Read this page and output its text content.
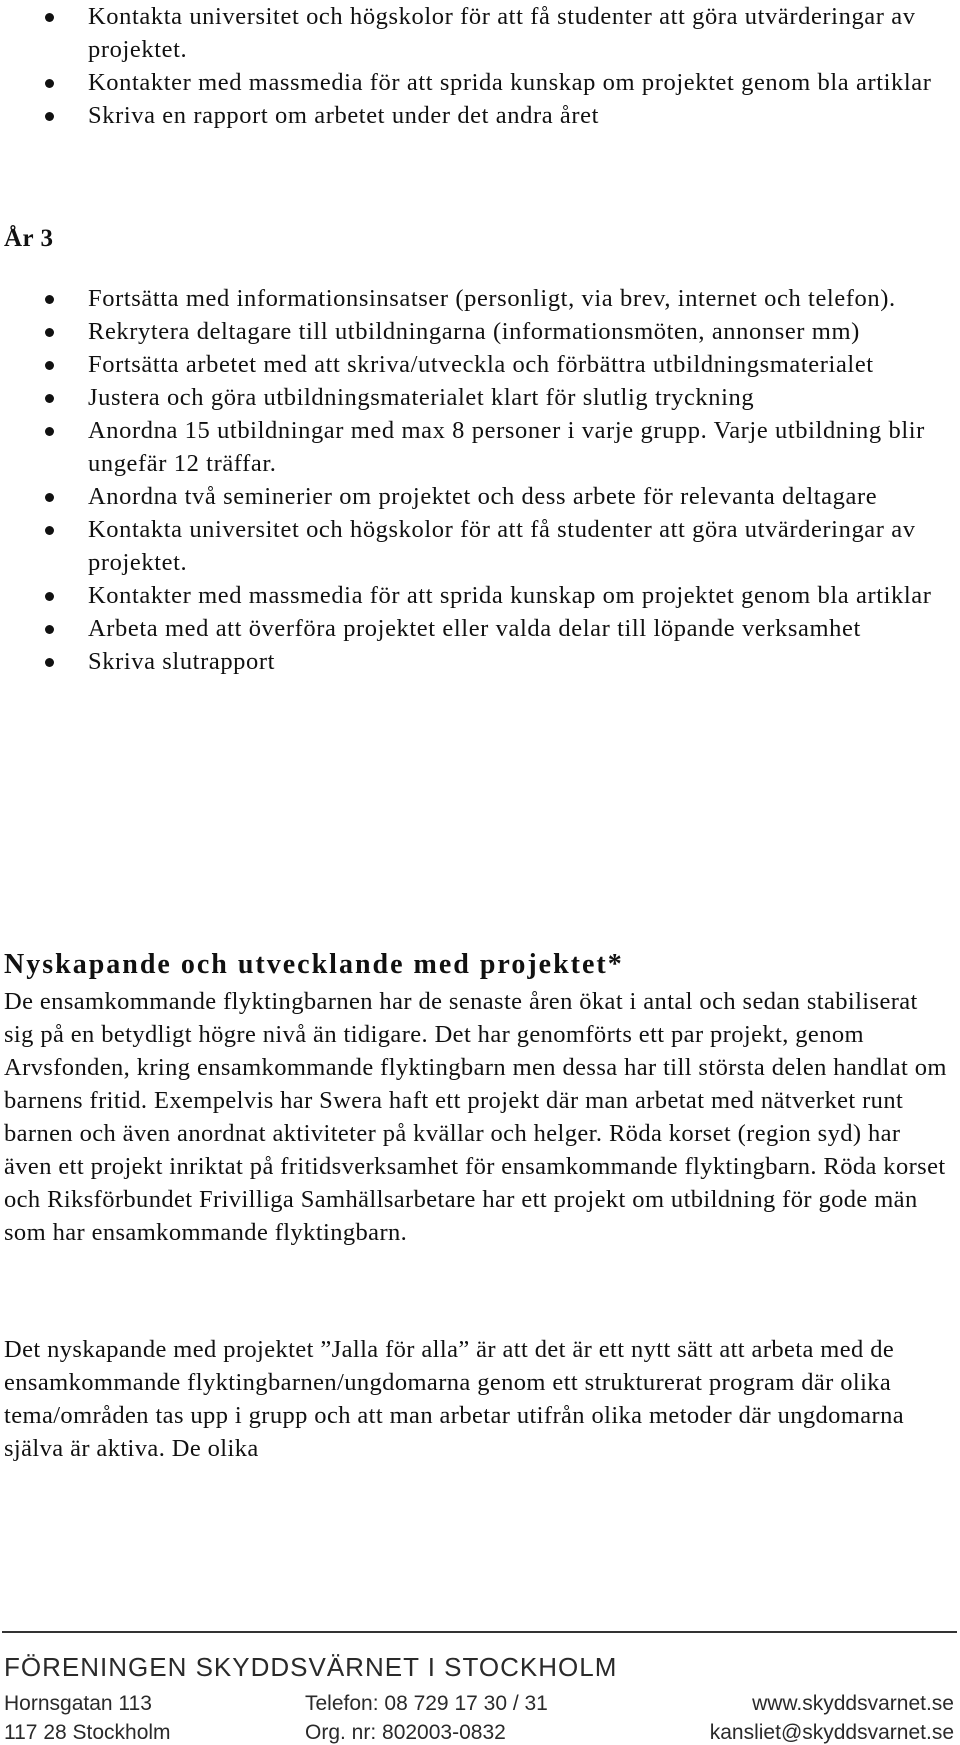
Kontakta universitet och högskolor för att få studenter att göra utvärderingar av projektet.
Kontakter med massmedia för att sprida kunskap om projektet genom bla artiklar
Skriva en rapport om arbetet under det andra året
År 3
Fortsätta med informationsinsatser (personligt, via brev, internet och telefon).
Rekrytera deltagare till utbildningarna (informationsmöten, annonser mm)
Fortsätta arbetet med att skriva/utveckla och förbättra utbildningsmaterialet
Justera och göra utbildningsmaterialet klart för slutlig tryckning
Anordna 15 utbildningar med max 8 personer i varje grupp. Varje utbildning blir ungefär 12 träffar.
Anordna två seminerier om projektet och dess arbete för relevanta deltagare
Kontakta universitet och högskolor för att få studenter att göra utvärderingar av projektet.
Kontakter med massmedia för att sprida kunskap om projektet genom bla artiklar
Arbeta med att överföra projektet eller valda delar till löpande verksamhet
Skriva slutrapport
Nyskapande och utvecklande med projektet*

De ensamkommande flyktingbarnen har de senaste åren ökat i antal och sedan stabiliserat sig på en betydligt högre nivå än tidigare. Det har genomförts ett par projekt, genom Arvsfonden, kring ensamkommande flyktingbarn men dessa har till största delen handlat om barnens fritid. Exempelvis har Swera haft ett projekt där man arbetat med nätverket runt barnen och även anordnat aktiviteter på kvällar och helger. Röda korset (region syd) har även ett projekt inriktat på fritidsverksamhet för ensamkommande flyktingbarn. Röda korset och Riksförbundet Frivilliga Samhällsarbetare har ett projekt om utbildning för gode män som har ensamkommande flyktingbarn.

Det nyskapande med projektet ”Jalla för alla” är att det är ett nytt sätt att arbeta med de ensamkommande flyktingbarnen/ungdomarna genom ett strukturerat program där olika tema/områden tas upp i grupp och att man arbetar utifrån olika metoder där ungdomarna själva är aktiva. De olika

FÖRENINGEN SKYDDSVÄRNET I STOCKHOLM

Hornsgatan 113

117 28 Stockholm

Telefon: 08 729 17 30 / 31

Org. nr: 802003-0832

www.skyddsvarnet.se

kansliet@skyddsvarnet.se
